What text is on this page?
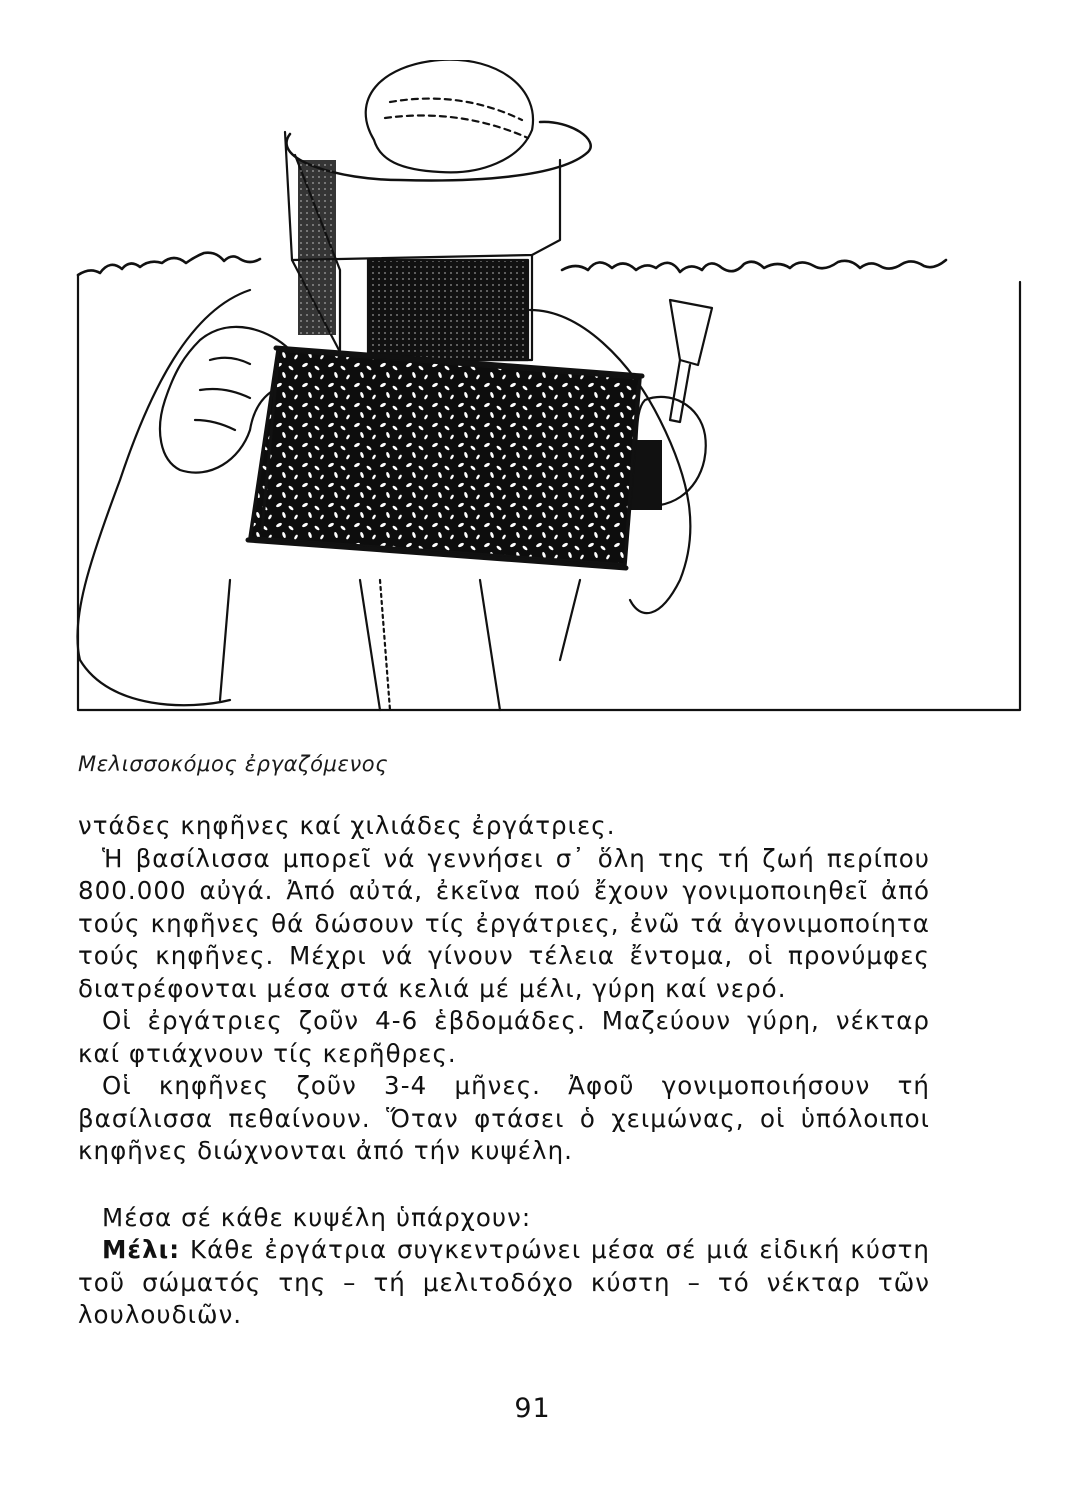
Μελισσοκόμος ἐργαζόμενος

ντάδες κηφῆνες καί χιλιάδες ἐργάτριες.

Ἡ βασίλισσα μπορεῖ νά γεννήσει σ᾿ ὅλη της τή ζωή περίπου 800.000 αὐγά. Ἀπό αὐτά, ἐκεῖνα πού ἔχουν γονιμοποιηθεῖ ἀπό τούς κηφῆνες θά δώσουν τίς ἐργάτριες, ἐνῶ τά ἀγονιμοποίητα τούς κηφῆνες. Μέχρι νά γίνουν τέλεια ἔντομα, οἱ προνύμφες διατρέφονται μέσα στά κελιά μέ μέλι, γύρη καί νερό.

Οἱ ἐργάτριες ζοῦν 4-6 ἑβδομάδες. Μαζεύουν γύρη, νέκταρ καί φτιάχνουν τίς κερῆθρες.

Οἱ κηφῆνες ζοῦν 3-4 μῆνες. Ἀφοῦ γονιμοποιήσουν τή βασίλισσα πεθαίνουν. Ὅταν φτάσει ὁ χειμώνας, οἱ ὑπόλοιποι κηφῆνες διώχνονται ἀπό τήν κυψέλη.

Μέσα σέ κάθε κυψέλη ὑπάρχουν:

Μέλι: Κάθε ἐργάτρια συγκεντρώνει μέσα σέ μιά εἰδική κύστη τοῦ σώματός της – τή μελιτοδόχο κύστη – τό νέκταρ τῶν λουλουδιῶν.

91
